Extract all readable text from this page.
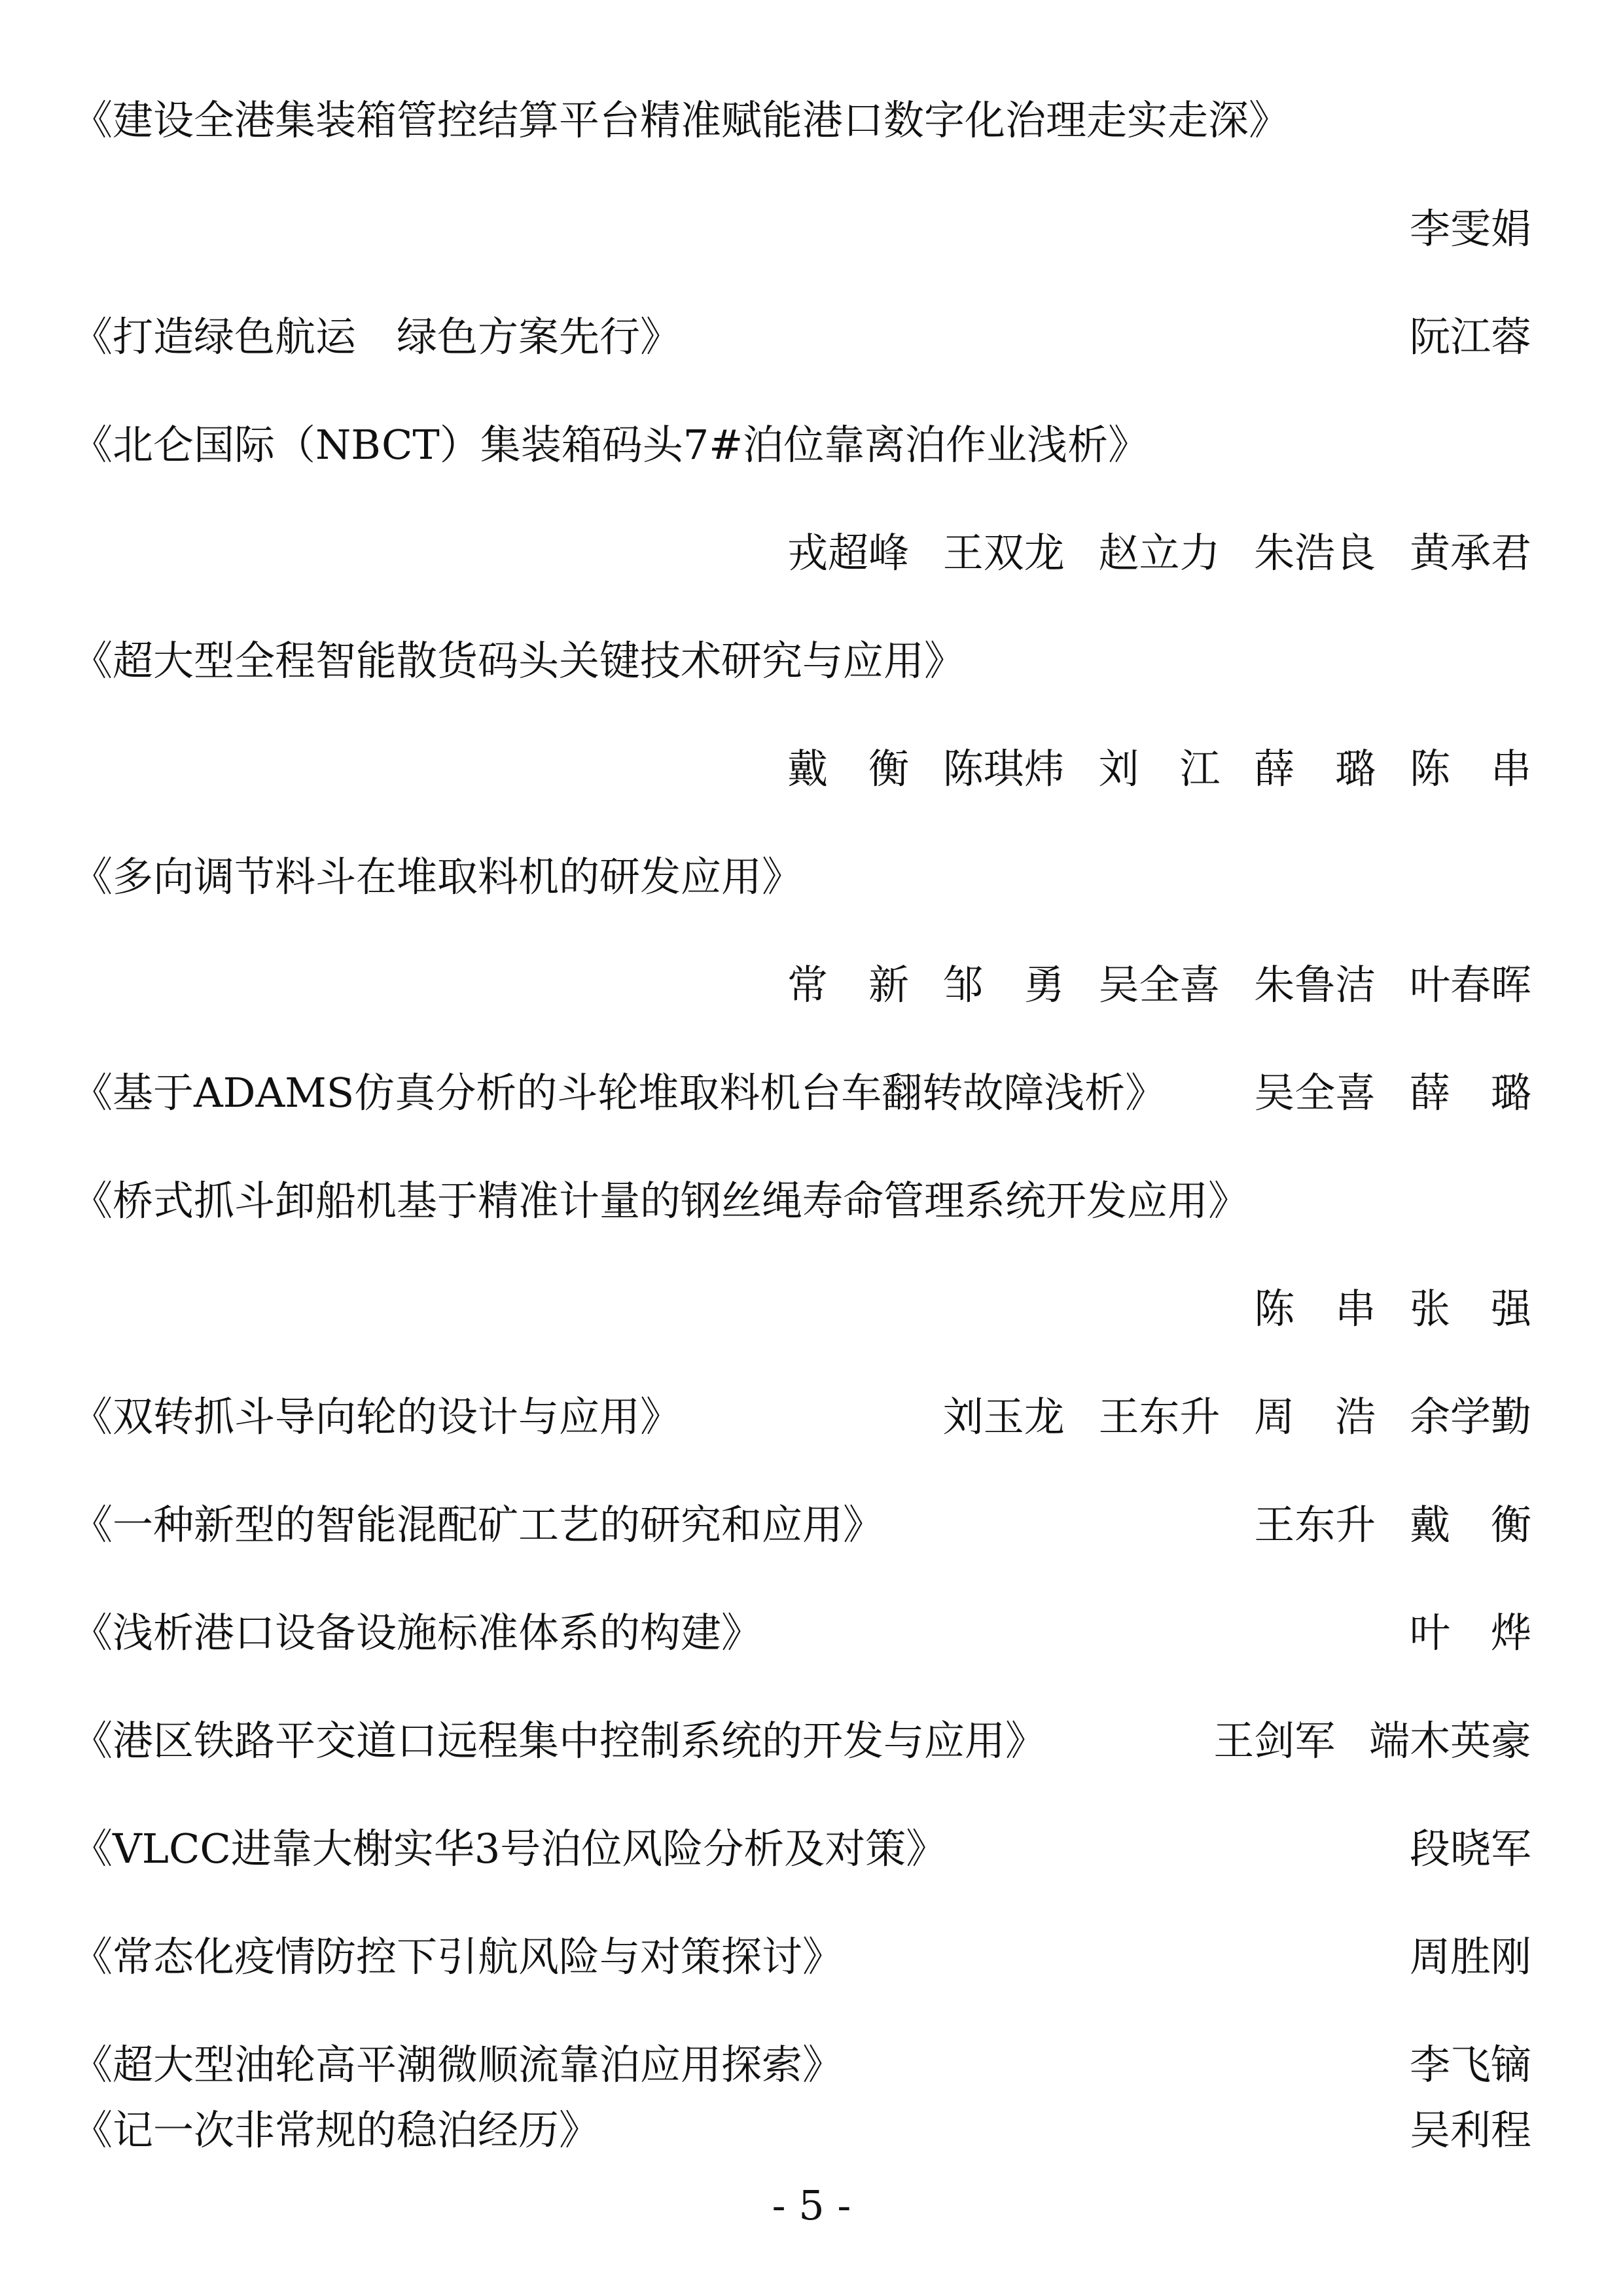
《建设全港集装箱管控结算平台精准赋能港口数字化治理走实走深》
李雯娟
《打造绿色航运　绿色方案先行》	阮江蓉
《北仑国际（NBCT）集装箱码头7#泊位靠离泊作业浅析》
戎超峰 王双龙 赵立力 朱浩良 黄承君
《超大型全程智能散货码头关键技术研究与应用》
戴　衡 陈琪炜 刘　江 薛　璐 陈　串
《多向调节料斗在堆取料机的研发应用》
常　新 邹　勇 吴全喜 朱鲁洁 叶春晖
《基于ADAMS仿真分析的斗轮堆取料机台车翻转故障浅析》	吴全喜 薛　璐
《桥式抓斗卸船机基于精准计量的钢丝绳寿命管理系统开发应用》
陈　串 张　强
《双转抓斗导向轮的设计与应用》	刘玉龙 王东升 周　浩 余学勤
《一种新型的智能混配矿工艺的研究和应用》	王东升 戴　衡
《浅析港口设备设施标准体系的构建》	叶　烨
《港区铁路平交道口远程集中控制系统的开发与应用》	王剑军 端木英豪
《VLCC进靠大榭实华3号泊位风险分析及对策》	段晓军
《常态化疫情防控下引航风险与对策探讨》	周胜刚
《超大型油轮高平潮微顺流靠泊应用探索》	李飞镝
《记一次非常规的稳泊经历》	吴利程
- 5 -
